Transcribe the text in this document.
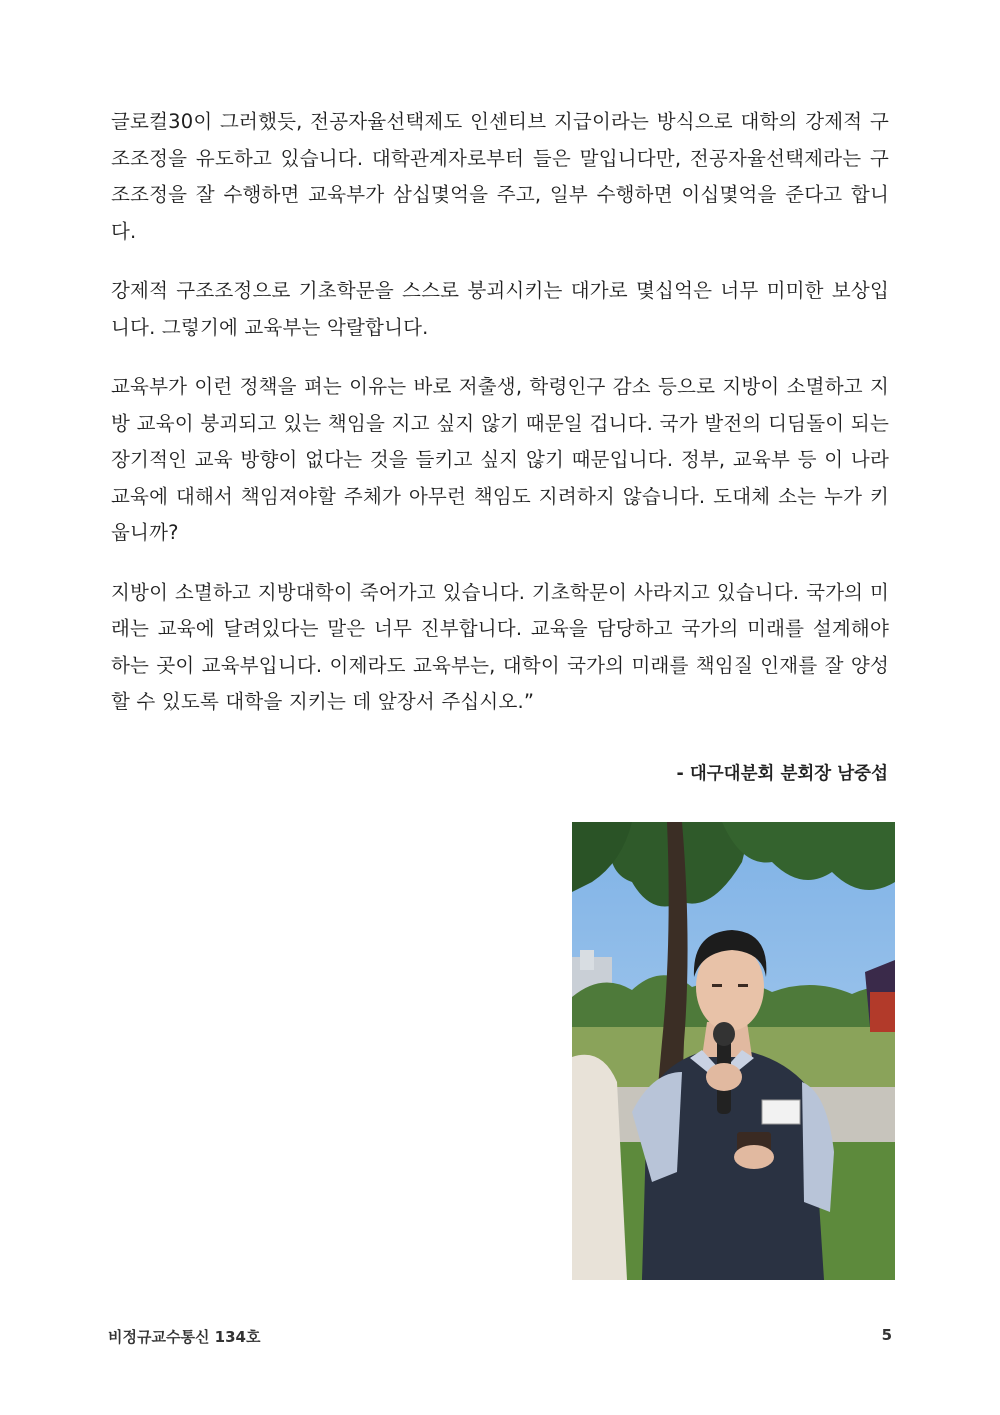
글로컬30이 그러했듯, 전공자율선택제도 인센티브 지급이라는 방식으로 대학의 강제적 구조조정을 유도하고 있습니다. 대학관계자로부터 들은 말입니다만, 전공자율선택제라는 구조조정을 잘 수행하면 교육부가 삼십몇억을 주고, 일부 수행하면 이십몇억을 준다고 합니다.

강제적 구조조정으로 기초학문을 스스로 붕괴시키는 대가로 몇십억은 너무 미미한 보상입니다. 그렇기에 교육부는 악랄합니다.

교육부가 이런 정책을 펴는 이유는 바로 저출생, 학령인구 감소 등으로 지방이 소멸하고 지방 교육이 붕괴되고 있는 책임을 지고 싶지 않기 때문일 겁니다. 국가 발전의 디딤돌이 되는 장기적인 교육 방향이 없다는 것을 들키고 싶지 않기 때문입니다. 정부, 교육부 등 이 나라 교육에 대해서 책임져야할 주체가 아무런 책임도 지려하지 않습니다. 도대체 소는 누가 키웁니까?

지방이 소멸하고 지방대학이 죽어가고 있습니다. 기초학문이 사라지고 있습니다. 국가의 미래는 교육에 달려있다는 말은 너무 진부합니다. 교육을 담당하고 국가의 미래를 설계해야 하는 곳이 교육부입니다. 이제라도 교육부는, 대학이 국가의 미래를 책임질 인재를 잘 양성할 수 있도록 대학을 지키는 데 앞장서 주십시오.”

- 대구대분회 분회장 남중섭
비정규교수통신 134호	5
